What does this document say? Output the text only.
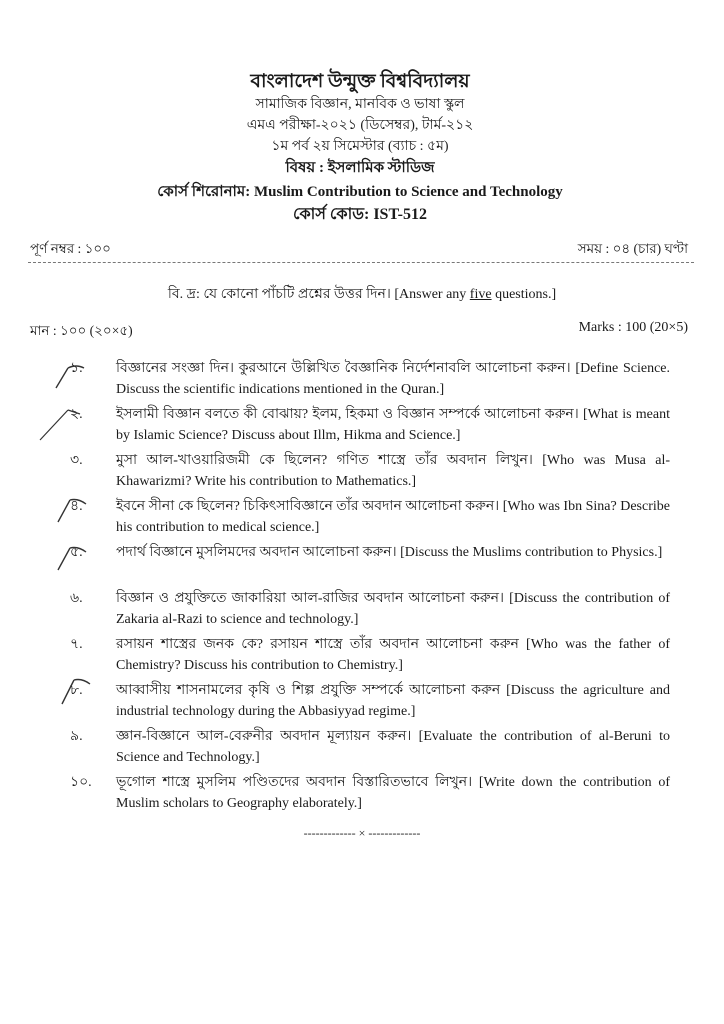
বাংলাদেশ উন্মুক্ত বিশ্ববিদ্যালয়
সামাজিক বিজ্ঞান, মানবিক ও ভাষা স্কুল
এমএ পরীক্ষা-২০২১ (ডিসেম্বর), টার্ম-২১২
১ম পর্ব ২য় সিমেস্টার (ব্যাচ : ৫ম)
বিষয় : ইসলামিক স্টাডিজ
কোর্স শিরোনাম: Muslim Contribution to Science and Technology
কোর্স কোড: IST-512
পূর্ণ নম্বর : ১০০	সময় : ০৪ (চার) ঘণ্টা
বি. দ্র: যে কোনো পাঁচটি প্রশ্নের উত্তর দিন। [Answer any five questions.]
মান : ১০০ (২০×৫)	Marks : 100 (20×5)
১.	বিজ্ঞানের সংজ্ঞা দিন। কুরআনে উল্লিখিত বৈজ্ঞানিক নির্দেশনাবলি আলোচনা করুন। [Define Science. Discuss the scientific indications mentioned in the Quran.]
২.	ইসলামী বিজ্ঞান বলতে কী বোঝায়? ইলম, হিকমা ও বিজ্ঞান সম্পর্কে আলোচনা করুন। [What is meant by Islamic Science? Discuss about Illm, Hikma and Science.]
৩.	মুসা আল-খাওয়ারিজমী কে ছিলেন? গণিত শাস্ত্রে তাঁর অবদান লিখুন। [Who was Musa al-Khawarizmi? Write his contribution to Mathematics.]
৪.	ইবনে সীনা কে ছিলেন? চিকিৎসাবিজ্ঞানে তাঁর অবদান আলোচনা করুন। [Who was Ibn Sina? Describe his contribution to medical science.]
৫.	পদার্থ বিজ্ঞানে মুসলিমদের অবদান আলোচনা করুন। [Discuss the Muslims contribution to Physics.]
৬.	বিজ্ঞান ও প্রযুক্তিতে জাকারিয়া আল-রাজির অবদান আলোচনা করুন। [Discuss the contribution of Zakaria al-Razi to science and technology.]
৭.	রসায়ন শাস্ত্রের জনক কে? রসায়ন শাস্ত্রে তাঁর অবদান আলোচনা করুন [Who was the father of Chemistry? Discuss his contribution to Chemistry.]
৮.	আব্বাসীয় শাসনামলের কৃষি ও শিল্প প্রযুক্তি সম্পর্কে আলোচনা করুন [Discuss the agriculture and industrial technology during the Abbasiyyad regime.]
৯.	জ্ঞান-বিজ্ঞানে আল-বেরুনীর অবদান মূল্যায়ন করুন। [Evaluate the contribution of al-Beruni to Science and Technology.]
১০.	ভূগোল শাস্ত্রে মুসলিম পণ্ডিতদের অবদান বিস্তারিতভাবে লিখুন। [Write down the contribution of Muslim scholars to Geography elaborately.]
------------- × -------------
